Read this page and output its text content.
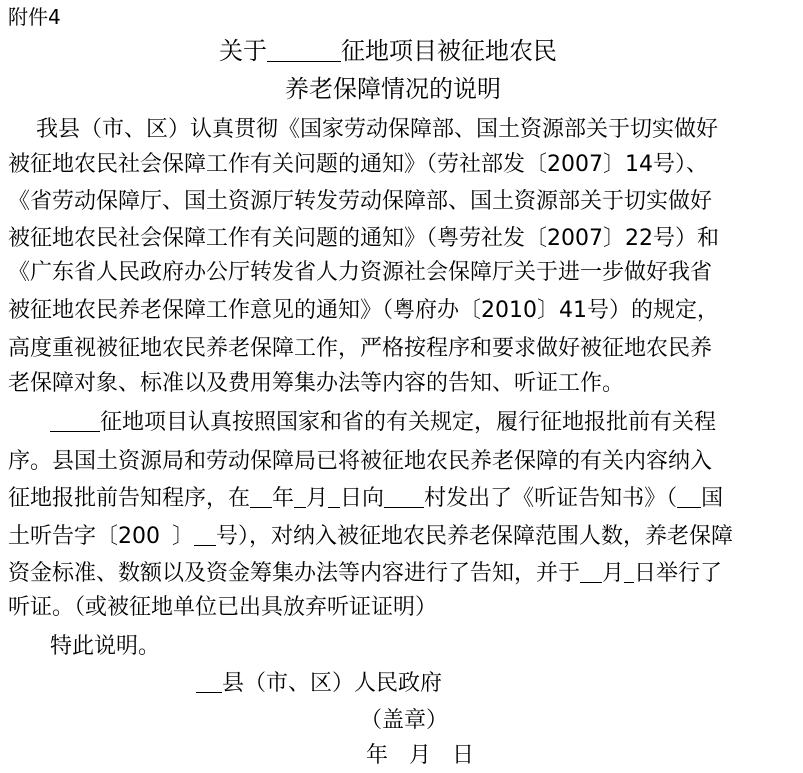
附件4
关于	征地项目被征地农民
养老保障情况的说明
我县（市、区）认真贯彻《国家劳动保障部、国土资源部关于切实做好
被征地农民社会保障工作有关问题的通知》（劳社部发〔2007〕14号）、
《省劳动保障厅、国土资源厅转发劳动保障部、国土资源部关于切实做好
被征地农民社会保障工作有关问题的通知》（粤劳社发〔2007〕22号）和
《广东省人民政府办公厅转发省人力资源社会保障厅关于进一步做好我省
被征地农民养老保障工作意见的通知》（粤府办〔2010〕41号）的规定，
高度重视被征地农民养老保障工作，严格按程序和要求做好被征地农民养
老保障对象、标准以及费用筹集办法等内容的告知、听证工作。
征地项目认真按照国家和省的有关规定，履行征地报批前有关程
序。县国土资源局和劳动保障局已将被征地农民养老保障的有关内容纳入
征地报批前告知程序，在 年 月 日向 村发出了《听证告知书》（ 国
土听告字〔200 〕 号），对纳入被征地农民养老保障范围人数，养老保障
资金标准、数额以及资金筹集办法等内容进行了告知，并于 月 日举行了
听证。（或被征地单位已出具放弃听证证明）
特此说明。
县（市、区）人民政府
（盖章）
年   月   日
